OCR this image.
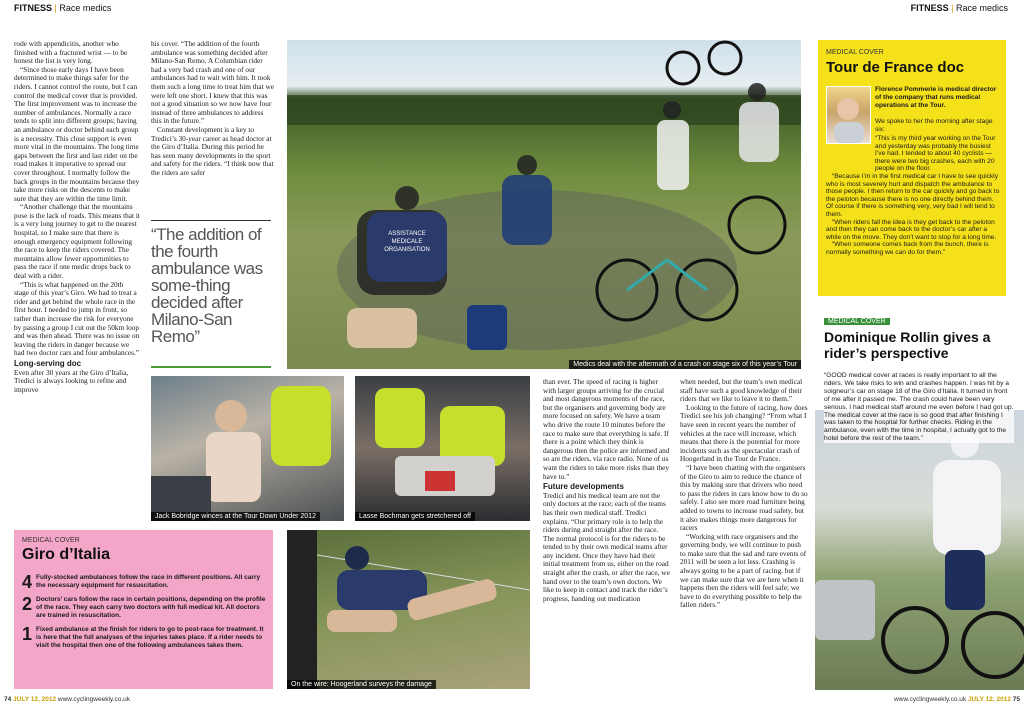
FITNESS | Race medics	FITNESS | Race medics

rode with appendicitis, another who finished with a fractured wrist — to be honest the list is very long.

“Since those early days I have been determined to make things safer for the riders. I cannot control the route, but I can control the medical cover that is provided. The first improvement was to increase the number of ambulances. Normally a race tends to split into different groups; having an ambulance or doctor behind each group is a necessity. This close support is even more vital in the mountains. The long time gaps between the first and last rider on the road makes it imperative to spread our cover throughout. I normally follow the back groups in the mountains because they take more risks on the descents to make sure that they are within the time limit.

“Another challenge that the mountains pose is the lack of roads. This means that it is a very long journey to get to the nearest hospital, so I make sure that there is enough emergency equipment following the race to keep the riders covered. The mountains allow fewer opportunities to pass the race if one medic drops back to deal with a rider.

“This is what happened on the 20th stage of this year’s Giro. We had to treat a rider and get behind the whole race in the first hour. I needed to jump in front, so rather than increase the risk for everyone by passing a group I cut out the 50km loop and was then ahead. There was no issue on leaving the riders in danger because we had two doctor cars and four ambulances.”

Long-serving doc

Even after 30 years at the Giro d’Italia, Tredici is always looking to refine and improve

his cover. “The addition of the fourth ambulance was something decided after Milano-San Remo. A Columbian rider had a very bad crash and one of our ambulances had to wait with him. It took them such a long time to treat him that we were left one short. I knew that this was not a good situation so we now have four instead of three ambulances to address this in the future.”

Constant development is a key to Tredici’s 30-year career as head doctor at the Giro d’Italia. During this period he has seen many developments in the sport and safety for the riders. “I think now that the riders are safer

“The addition of the fourth ambulance was some-thing decided after Milano-San Remo”
ASSISTANCE
MEDICALE
ORGANISATION
Medics deal with the aftermath of a crash on stage six of this year’s Tour
Jack Bobridge winces at the Tour Down Under 2012	Lasse Bochman gets stretchered off

than ever. The speed of racing is higher with larger groups arriving for the crucial and most dangerous moments of the race, but the organisers and governing body are more focused on safety. We have a team who drive the route 10 minutes before the race to make sure that everything is safe. If there is a point which they think is dangerous then the police are informed and so are the riders, via race radio. None of us want the riders to take more risks than they have to.”

Future developments

Tredici and his medical team are not the only doctors at the race; each of the teams has their own medical staff. Tredici explains. “Our primary role is to help the riders during and straight after the race. The normal protocol is for the riders to be tended to by their own medical teams after any incident. Once they have had their initial treatment from us, either on the road straight after the crash, or after the race, we hand over to the team’s own doctors. We like to keep in contact and track the rider’s progress, handing out medication

when needed, but the team’s own medical staff have such a good knowledge of their riders that we like to leave it to them.”

Looking to the future of racing, how does Tredici see his job changing? “From what I have seen in recent years the number of vehicles at the race will increase, which means that there is the potential for more incidents such as the spectacular crash of Hoogerland in the Tour de France.

“I have been chatting with the organisers of the Giro to aim to reduce the chance of this by making sure that drivers who need to pass the riders in cars know how to do so safely. I also see more road furniture being added to towns to increase road safety, but it also makes things more dangerous for racers

“Working with race organisers and the governing body, we will continue to push to make sure that the sad and rare events of 2011 will be seen a lot less. Crashing is always going to be a part of racing, but if we can make sure that we are here when it happens then the riders will feel safe; we have to do everything possible to help the fallen riders.”

MEDICAL COVER
Giro d’Italia
4 Fully-stocked ambulances follow the race in different positions. All carry the necessary equipment for resuscitation.
2 Doctors’ cars follow the race in certain positions, depending on the profile of the race. They each carry two doctors with full medical kit. All doctors are trained in resuscitation.
1 Fixed ambulance at the finish for riders to go to post-race for treatment. It is here that the full analyses of the injuries takes place. If a rider needs to visit the hospital then one of the following ambulances takes them.
On the wire: Hoogerland surveys the damage
MEDICAL COVER
Tour de France doc
Florence Pommerie is medical director of the company that runs medical operations at the Tour.
We spoke to her the morning after stage six:
“This is my third year working on the Tour and yesterday was probably the busiest I’ve had. I tended to about 40 cyclists — there were two big crashes, each with 20 people on the floor.
“Because I’m in the first medical car I have to see quickly who is most severely hurt and dispatch the ambulance to those people. I then return to the car quickly and go back to the peloton because there is no one directly behind them. Of course if there is something very, very bad I will tend to them.
“When riders fall the idea is they get back to the peloton and then they can come back to the doctor’s car after a while on the move. They don’t want to stop for a long time.
“When someone comes back from the bunch, there is normally something we can do for them.”
MEDICAL COVER
Dominique Rollin gives a rider’s perspective
“GOOD medical cover at races is really important to all the riders. We take risks to win and crashes happen. I was hit by a soigneur’s car on stage 18 of the Giro d’Italia. It turned in front of me after it passed me. The crash could have been very serious. I had medical staff around me even before I had got up. The medical cover at the race is so good that after finishing I was taken to the hospital for further checks. Riding in the ambulance, even with the time in hospital, I actually got to the hotel before the rest of the team.”
74 JULY 12, 2012 www.cyclingweekly.co.uk	www.cyclingweekly.co.uk JULY 12, 2012 75
